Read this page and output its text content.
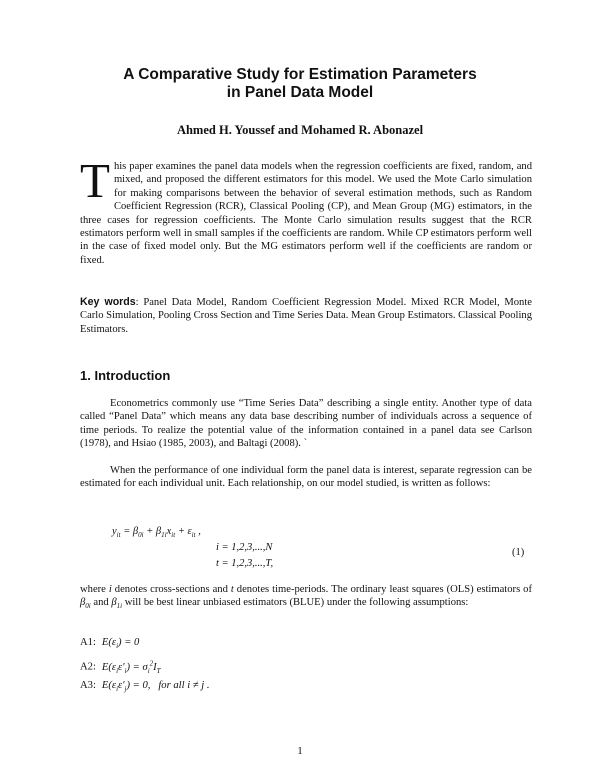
A Comparative Study for Estimation Parameters
in Panel Data Model
Ahmed H. Youssef and Mohamed R. Abonazel
T his paper examines the panel data models when the regression coefficients are fixed, random, and mixed, and proposed the different estimators for this model. We used the Mote Carlo simulation for making comparisons between the behavior of several estimation methods, such as Random Coefficient Regression (RCR), Classical Pooling (CP), and Mean Group (MG) estimators, in the three cases for regression coefficients. The Monte Carlo simulation results suggest that the RCR estimators perform well in small samples if the coefficients are random. While CP estimators perform well in the case of fixed model only. But the MG estimators perform well if the coefficients are random or fixed.
Key words: Panel Data Model, Random Coefficient Regression Model. Mixed RCR Model, Monte Carlo Simulation, Pooling Cross Section and Time Series Data. Mean Group Estimators. Classical Pooling Estimators.
1. Introduction
Econometrics commonly use “Time Series Data” describing a single entity. Another type of data called “Panel Data” which means any data base describing number of individuals across a sequence of time periods. To realize the potential value of the information contained in a panel data see Carlson (1978), and Hsiao (1985, 2003), and Baltagi (2008). `
When the performance of one individual form the panel data is interest, separate regression can be estimated for each individual unit. Each relationship, on our model studied, is written as follows:
$y_{it} = \beta_{0i} + \beta_{1i}x_{it} + \varepsilon_{it}$ ,
i = 1,2,3,...,N
t = 1,2,3,...,T,
(1)
where i denotes cross-sections and t denotes time-periods. The ordinary least squares (OLS) estimators of $\beta_{0i}$ and $\beta_{1i}$ will be best linear unbiased estimators (BLUE) under the following assumptions:
A1: $E(\varepsilon_i) = 0$
A2: $E(\varepsilon_i\varepsilon'_i) = \sigma_i^2I_T$
A3: $E(\varepsilon_i\varepsilon'_j) = 0$, for all i ≠ j .
1
